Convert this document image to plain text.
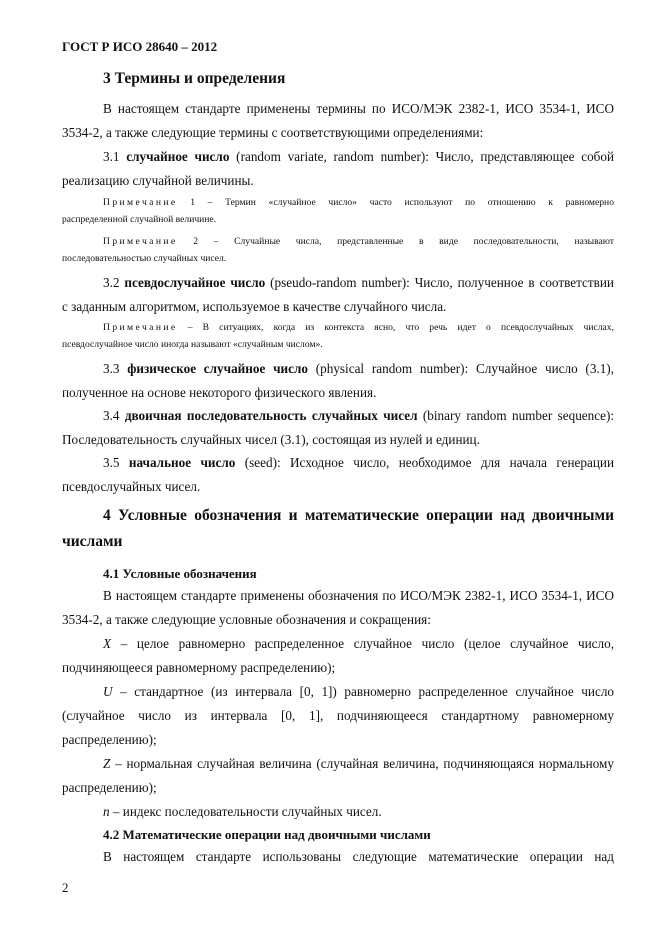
ГОСТ Р ИСО 28640 – 2012
3 Термины и определения
В настоящем стандарте применены термины по ИСО/МЭК 2382-1, ИСО 3534-1, ИСО
3534-2, а также следующие термины с соответствующими определениями:
3.1 случайное число (random variate, random number): Число, представляющее собой
реализацию случайной величины.
Примечание 1 – Термин «случайное число» часто используют по отношению к равномерно
распределенной случайной величине.
Примечание 2 – Случайные числа, представленные в виде последовательности, называют
последовательностью случайных чисел.
3.2 псевдослучайное число (pseudo-random number): Число, полученное в соответствии
с заданным алгоритмом, используемое в качестве случайного числа.
Примечание – В ситуациях, когда из контекста ясно, что речь идет о псевдослучайных числах,
псевдослучайное число иногда называют «случайным числом».
3.3 физическое случайное число (physical random number): Случайное число (3.1),
полученное на основе некоторого физического явления.
3.4 двоичная последовательность случайных чисел (binary random number sequence):
Последовательность случайных чисел (3.1), состоящая из нулей и единиц.
3.5 начальное число (seed): Исходное число, необходимое для начала генерации
псевдослучайных чисел.
4 Условные обозначения и математические операции над двоичными
числами
4.1 Условные обозначения
В настоящем стандарте применены обозначения по ИСО/МЭК 2382-1, ИСО 3534-1, ИСО
3534-2, а также следующие условные обозначения и сокращения:
X – целое равномерно распределенное случайное число (целое случайное число,
подчиняющееся равномерному распределению);
U – стандартное (из интервала [0, 1]) равномерно распределенное случайное число
(случайное число из интервала [0, 1], подчиняющееся стандартному равномерному
распределению);
Z – нормальная случайная величина (случайная величина, подчиняющаяся нормальному
распределению);
n – индекс последовательности случайных чисел.
4.2 Математические операции над двоичными числами
В настоящем стандарте использованы следующие математические операции над
2
